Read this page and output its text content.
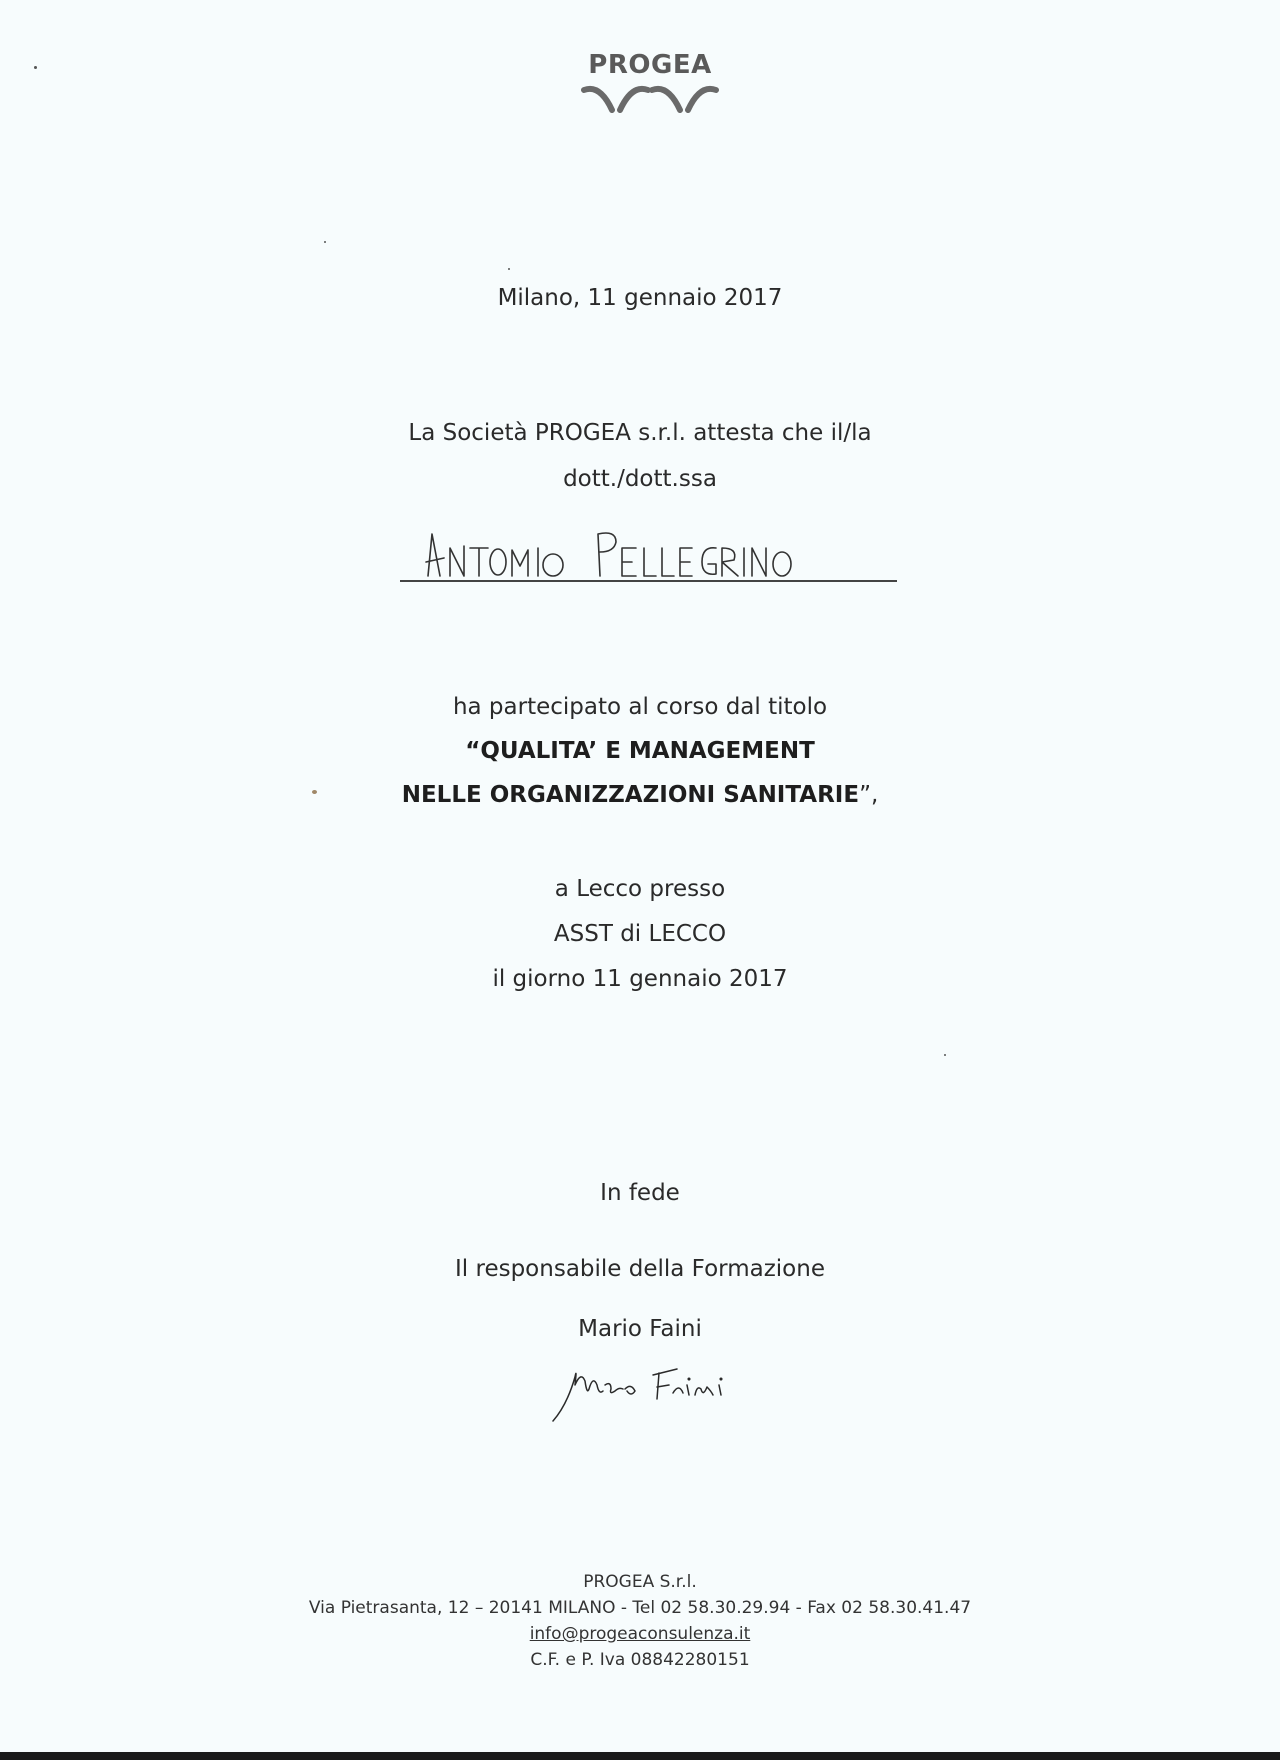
PROGEA
Milano, 11 gennaio 2017
La Società PROGEA s.r.l. attesta che il/la
dott./dott.ssa
ha partecipato al corso dal titolo
“QUALITA’ E MANAGEMENT
NELLE ORGANIZZAZIONI SANITARIE”,
a Lecco presso
ASST di LECCO
il giorno 11 gennaio 2017
In fede
Il responsabile della Formazione
Mario Faini
PROGEA S.r.l.
Via Pietrasanta, 12 – 20141 MILANO - Tel 02 58.30.29.94 - Fax 02 58.30.41.47
info@progeaconsulenza.it
C.F. e P. Iva 08842280151
